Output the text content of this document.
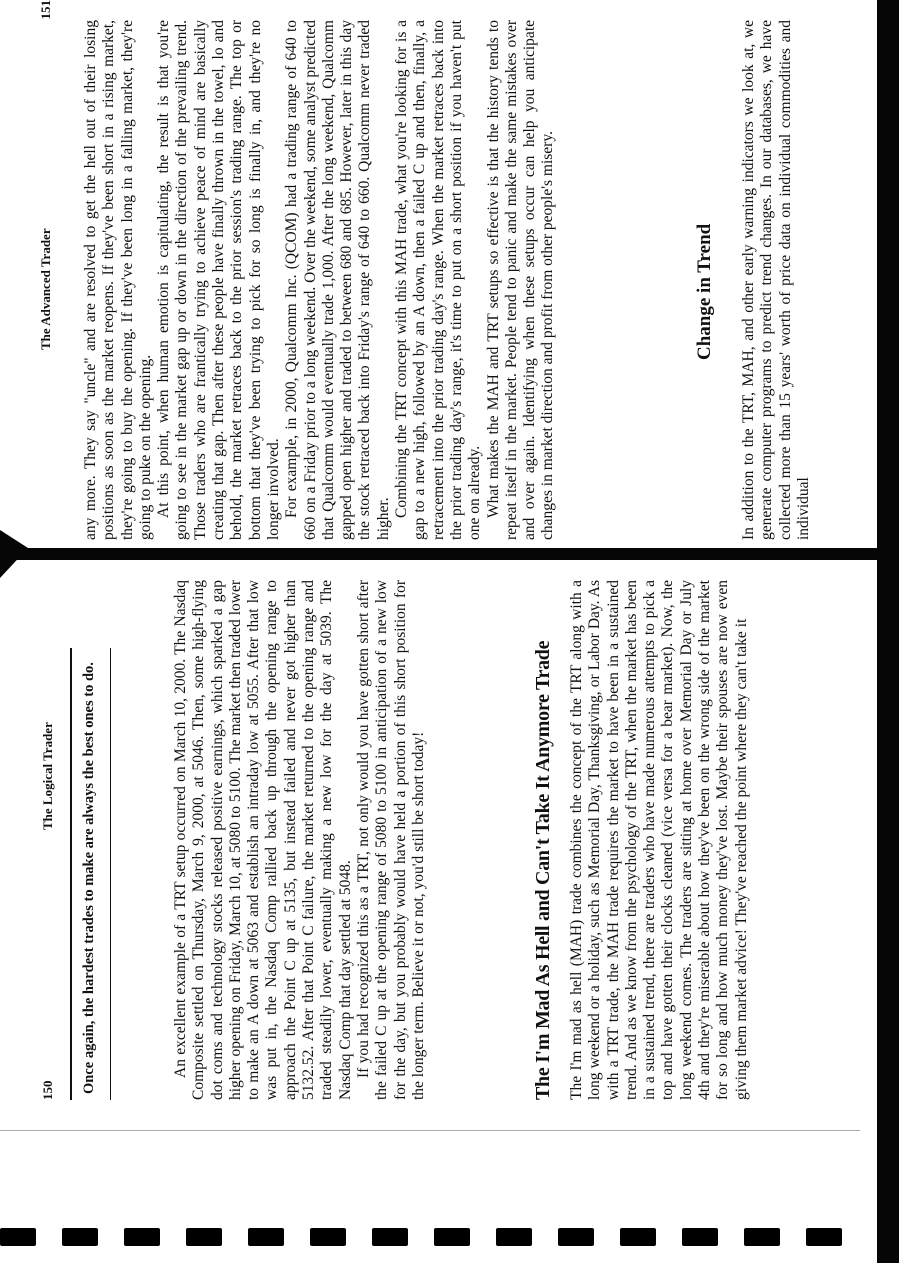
150
The Logical Trader	Once again, the hardest trades to make are always the best ones to do.	An excellent example of a TRT setup occurred on March 10, 2000. The Nasdaq Composite settled on Thursday, March 9, 2000, at 5046. Then, some high-flying dot coms and technology stocks released positive earnings, which sparked a gap higher opening on Friday, March 10, at 5080 to 5100. The market then traded lower to make an A down at 5063 and establish an intraday low at 5055. After that low was put in, the Nasdaq Comp rallied back up through the opening range to approach the Point C up at 5135, but instead failed and never got higher than 5132.52. After that Point C failure, the market returned to the opening range and traded steadily lower, eventually making a new low for the day at 5039. The Nasdaq Comp that day settled at 5048. If you had recognized this as a TRT, not only would you have gotten short after the failed C up at the opening range of 5080 to 5100 in anticipation of a new low for the day, but you probably would have held a portion of this short position for the longer term. Believe it or not, you'd still be short today!	The I'm Mad As Hell and Can't Take It Anymore Trade The I'm mad as hell (MAH) trade combines the concept of the TRT along with a long weekend or a holiday, such as Memorial Day, Thanksgiving, or Labor Day. As with a TRT trade, the MAH trade requires the market to have been in a sustained trend. And as we know from the psychology of the TRT, when the market has been in a sustained trend, there are traders who have made numerous attempts to pick a top and have gotten their clocks cleaned (vice versa for a bear market). Now, the long weekend comes. The traders are sitting at home over Memorial Day or July 4th and they're miserable about how they've been on the wrong side of the market for so long and how much money they've lost. Maybe their spouses are now even giving them market advice! They've reached the point where they can't take it

151
The Advanced Trader any more. They say "uncle" and are resolved to get the hell out of their losing positions as soon as the market reopens. If they've been short in a rising market, they're going to buy the opening. If they've been long in a falling market, they're going to puke on the opening. At this point, when human emotion is capitulating, the result is that you're going to see in the market gap up or down in the direction of the prevailing trend. Those traders who are frantically trying to achieve peace of mind are basically creating that gap. Then after these people have finally thrown in the towel, lo and behold, the market retraces back to the prior session's trading range. The top or bottom that they've been trying to pick for so long is finally in, and they're no longer involved. For example, in 2000, Qualcomm Inc. (QCOM) had a trading range of 640 to 660 on a Friday prior to a long weekend. Over the weekend, some analyst predicted that Qualcomm would eventually trade 1,000. After the long weekend, Qualcomm gapped open higher and traded to between 680 and 685. However, later in this day the stock retraced back into Friday's range of 640 to 660. Qualcomm never traded higher.

Combining the TRT concept with this MAH trade, what you're looking for is a gap to a new high, followed by an A down, then a failed C up and then, finally, a retracement into the prior trading day's range. When the market retraces back into the prior trading day's range, it's time to put on a short position if you haven't put one on already. What makes the MAH and TRT setups so effective is that the history tends to repeat itself in the market. People tend to panic and make the same mistakes over and over again. Identifying when these setups occur can help you anticipate changes in market direction and profit from other people's misery.	Change in Trend In addition to the TRT, MAH, and other early warning indicators we look at, we generate computer programs to predict trend changes. In our databases, we have collected more than 15 years' worth of price data on individual commodities and individual
